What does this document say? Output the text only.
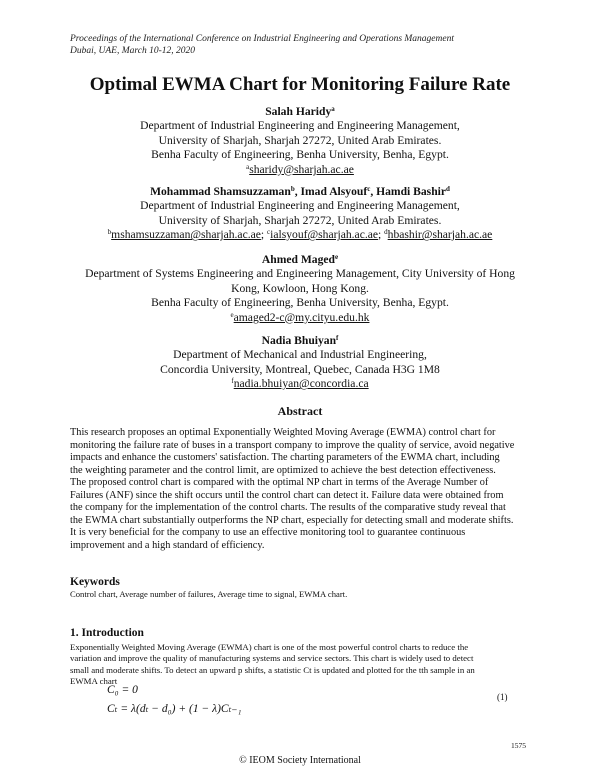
Proceedings of the International Conference on Industrial Engineering and Operations Management
Dubai, UAE, March 10-12, 2020
Optimal EWMA Chart for Monitoring Failure Rate
Salah Haridy$^a$
Department of Industrial Engineering and Engineering Management,
University of Sharjah, Sharjah 27272, United Arab Emirates.
Benha Faculty of Engineering, Benha University, Benha, Egypt.
$^a$sharidy@sharjah.ac.ae
Mohammad Shamsuzzaman$^b$, Imad Alsyouf$^c$, Hamdi Bashir$^d$
Department of Industrial Engineering and Engineering Management,
University of Sharjah, Sharjah 27272, United Arab Emirates.
$^b$mshamsuzzaman@sharjah.ac.ae; $^c$ialsyouf@sharjah.ac.ae; $^d$hbashir@sharjah.ac.ae
Ahmed Maged$^e$
Department of Systems Engineering and Engineering Management, City University of Hong
Kong, Kowloon, Hong Kong.
Benha Faculty of Engineering, Benha University, Benha, Egypt.
$^e$amaged2-c@my.cityu.edu.hk
Nadia Bhuiyan$^f$
Department of Mechanical and Industrial Engineering,
Concordia University, Montreal, Quebec, Canada H3G 1M8
$^f$nadia.bhuiyan@concordia.ca
Abstract
This research proposes an optimal Exponentially Weighted Moving Average (EWMA) control chart for
monitoring the failure rate of buses in a transport company to improve the quality of service, avoid negative
impacts and enhance the customers' satisfaction. The charting parameters of the EWMA chart, including
the weighting parameter and the control limit, are optimized to achieve the best detection effectiveness.
The proposed control chart is compared with the optimal NP chart in terms of the Average Number of
Failures (ANF) since the shift occurs until the control chart can detect it. Failure data were obtained from
the company for the implementation of the control charts. The results of the comparative study reveal that
the EWMA chart substantially outperforms the NP chart, especially for detecting small and moderate shifts.
It is very beneficial for the company to use an effective monitoring tool to guarantee continuous
improvement and a high standard of efficiency.
Keywords
Control chart, Average number of failures, Average time to signal, EWMA chart.
1. Introduction
Exponentially Weighted Moving Average (EWMA) chart is one of the most powerful control charts to reduce the
variation and improve the quality of manufacturing systems and service sectors. This chart is widely used to detect
small and moderate shifts. To detect an upward p shifts, a statistic Ct is updated and plotted for the tth sample in an
EWMA chart
C₀ = 0
Cₜ = λ(dₜ − d₀) + (1 − λ)Cₜ₋₁
(1)
1575
© IEOM Society International
